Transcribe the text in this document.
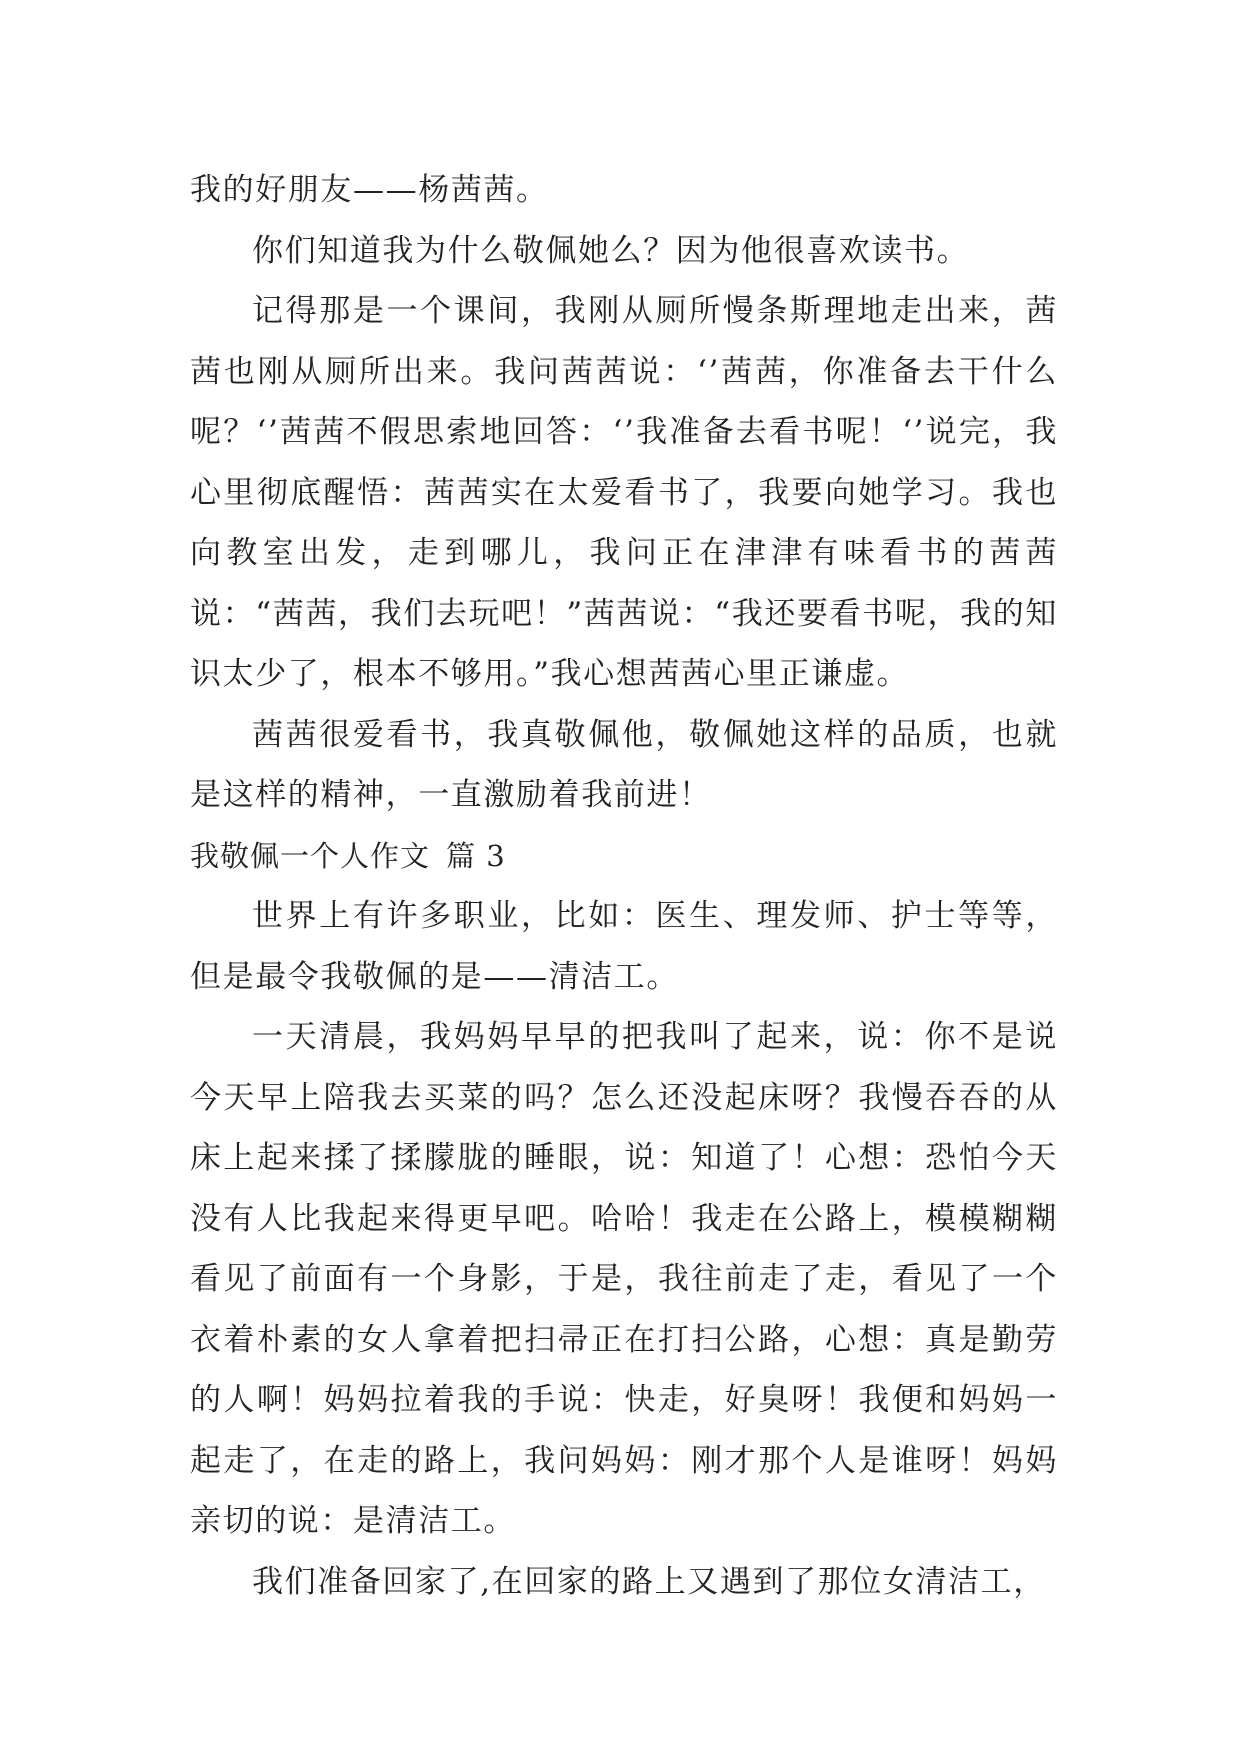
我的好朋友——杨茜茜。

你们知道我为什么敬佩她么？因为他很喜欢读书。

记得那是一个课间，我刚从厕所慢条斯理地走出来，茜茜也刚从厕所出来。我问茜茜说：‘’茜茜，你准备去干什么呢？‘’茜茜不假思索地回答：‘’我准备去看书呢！‘’说完，我心里彻底醒悟：茜茜实在太爱看书了，我要向她学习。我也向教室出发，走到哪儿，我问正在津津有味看书的茜茜说：“茜茜，我们去玩吧！”茜茜说：“我还要看书呢，我的知识太少了，根本不够用。”我心想茜茜心里正谦虚。

茜茜很爱看书，我真敬佩他，敬佩她这样的品质，也就是这样的精神，一直激励着我前进！

我敬佩一个人作文 篇 3

世界上有许多职业，比如：医生、理发师、护士等等，但是最令我敬佩的是——清洁工。

一天清晨，我妈妈早早的把我叫了起来，说：你不是说今天早上陪我去买菜的吗？怎么还没起床呀？我慢吞吞的从床上起来揉了揉朦胧的睡眼，说：知道了！心想：恐怕今天没有人比我起来得更早吧。哈哈！我走在公路上，模模糊糊看见了前面有一个身影，于是，我往前走了走，看见了一个衣着朴素的女人拿着把扫帚正在打扫公路，心想：真是勤劳的人啊！妈妈拉着我的手说：快走，好臭呀！我便和妈妈一起走了，在走的路上，我问妈妈：刚才那个人是谁呀！妈妈亲切的说：是清洁工。

我们准备回家了,在回家的路上又遇到了那位女清洁工，
